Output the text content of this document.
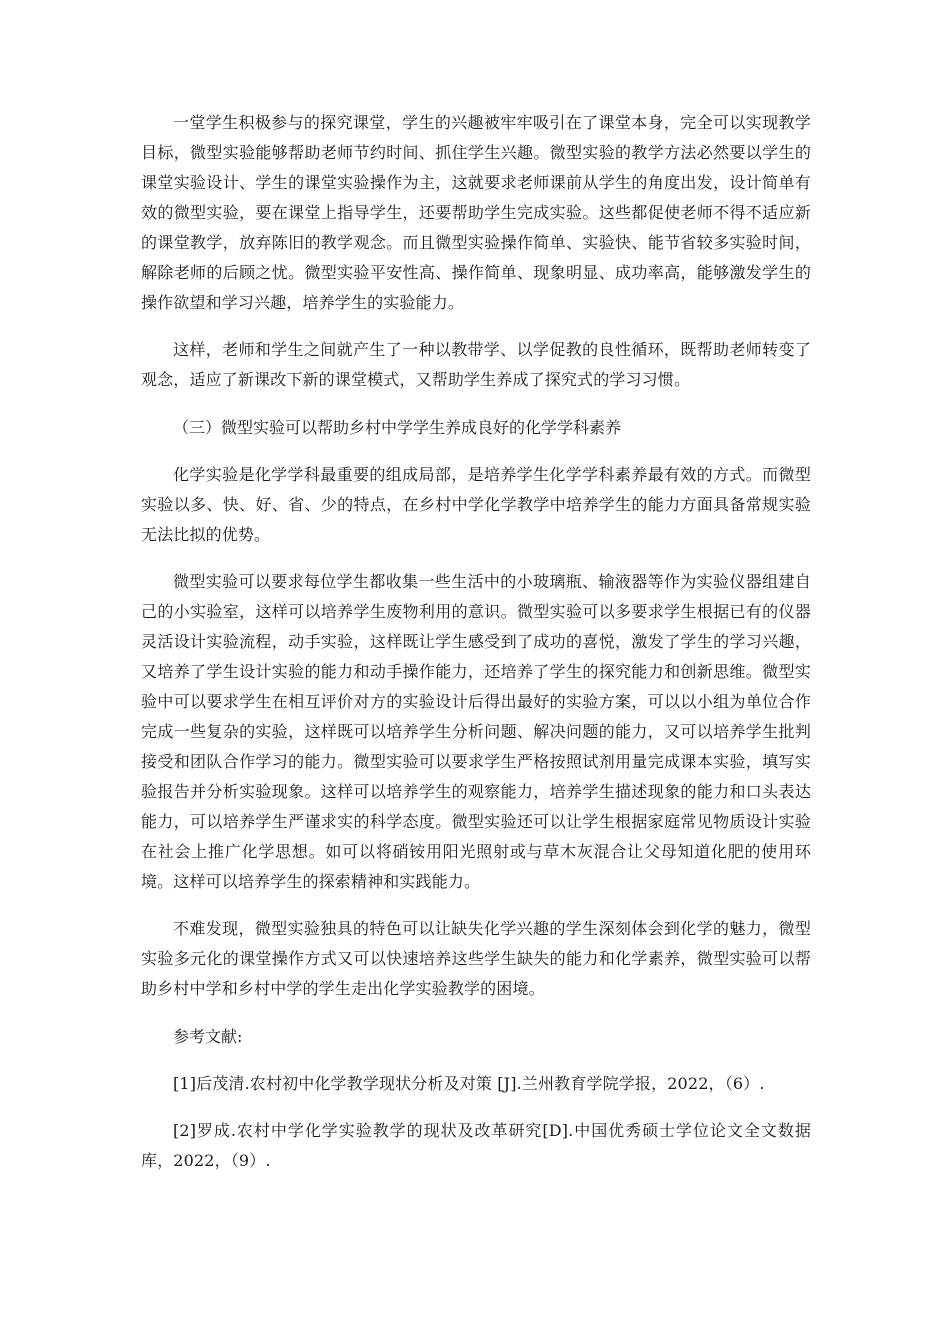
一堂学生积极参与的探究课堂，学生的兴趣被牢牢吸引在了课堂本身，完全可以实现教学目标，微型实验能够帮助老师节约时间、抓住学生兴趣。微型实验的教学方法必然要以学生的课堂实验设计、学生的课堂实验操作为主，这就要求老师课前从学生的角度出发，设计简单有效的微型实验，要在课堂上指导学生，还要帮助学生完成实验。这些都促使老师不得不适应新的课堂教学，放弃陈旧的教学观念。而且微型实验操作简单、实验快、能节省较多实验时间，解除老师的后顾之忧。微型实验平安性高、操作简单、现象明显、成功率高，能够激发学生的操作欲望和学习兴趣，培养学生的实验能力。

这样，老师和学生之间就产生了一种以教带学、以学促教的良性循环，既帮助老师转变了观念，适应了新课改下新的课堂模式，又帮助学生养成了探究式的学习习惯。

（三）微型实验可以帮助乡村中学学生养成良好的化学学科素养

化学实验是化学学科最重要的组成局部，是培养学生化学学科素养最有效的方式。而微型实验以多、快、好、省、少的特点，在乡村中学化学教学中培养学生的能力方面具备常规实验无法比拟的优势。

微型实验可以要求每位学生都收集一些生活中的小玻璃瓶、输液器等作为实验仪器组建自己的小实验室，这样可以培养学生废物利用的意识。微型实验可以多要求学生根据已有的仪器灵活设计实验流程，动手实验，这样既让学生感受到了成功的喜悦，激发了学生的学习兴趣，又培养了学生设计实验的能力和动手操作能力，还培养了学生的探究能力和创新思维。微型实验中可以要求学生在相互评价对方的实验设计后得出最好的实验方案，可以以小组为单位合作完成一些复杂的实验，这样既可以培养学生分析问题、解决问题的能力，又可以培养学生批判接受和团队合作学习的能力。微型实验可以要求学生严格按照试剂用量完成课本实验，填写实验报告并分析实验现象。这样可以培养学生的观察能力，培养学生描述现象的能力和口头表达能力，可以培养学生严谨求实的科学态度。微型实验还可以让学生根据家庭常见物质设计实验在社会上推广化学思想。如可以将硝铵用阳光照射或与草木灰混合让父母知道化肥的使用环境。这样可以培养学生的探索精神和实践能力。

不难发现，微型实验独具的特色可以让缺失化学兴趣的学生深刻体会到化学的魅力，微型实验多元化的课堂操作方式又可以快速培养这些学生缺失的能力和化学素养，微型实验可以帮助乡村中学和乡村中学的学生走出化学实验教学的困境。

参考文献:

[1]后茂清.农村初中化学教学现状分析及对策 [J].兰州教育学院学报，2022，（6）.

[2]罗成.农村中学化学实验教学的现状及改革研究[D].中国优秀硕士学位论文全文数据库，2022，（9）.
